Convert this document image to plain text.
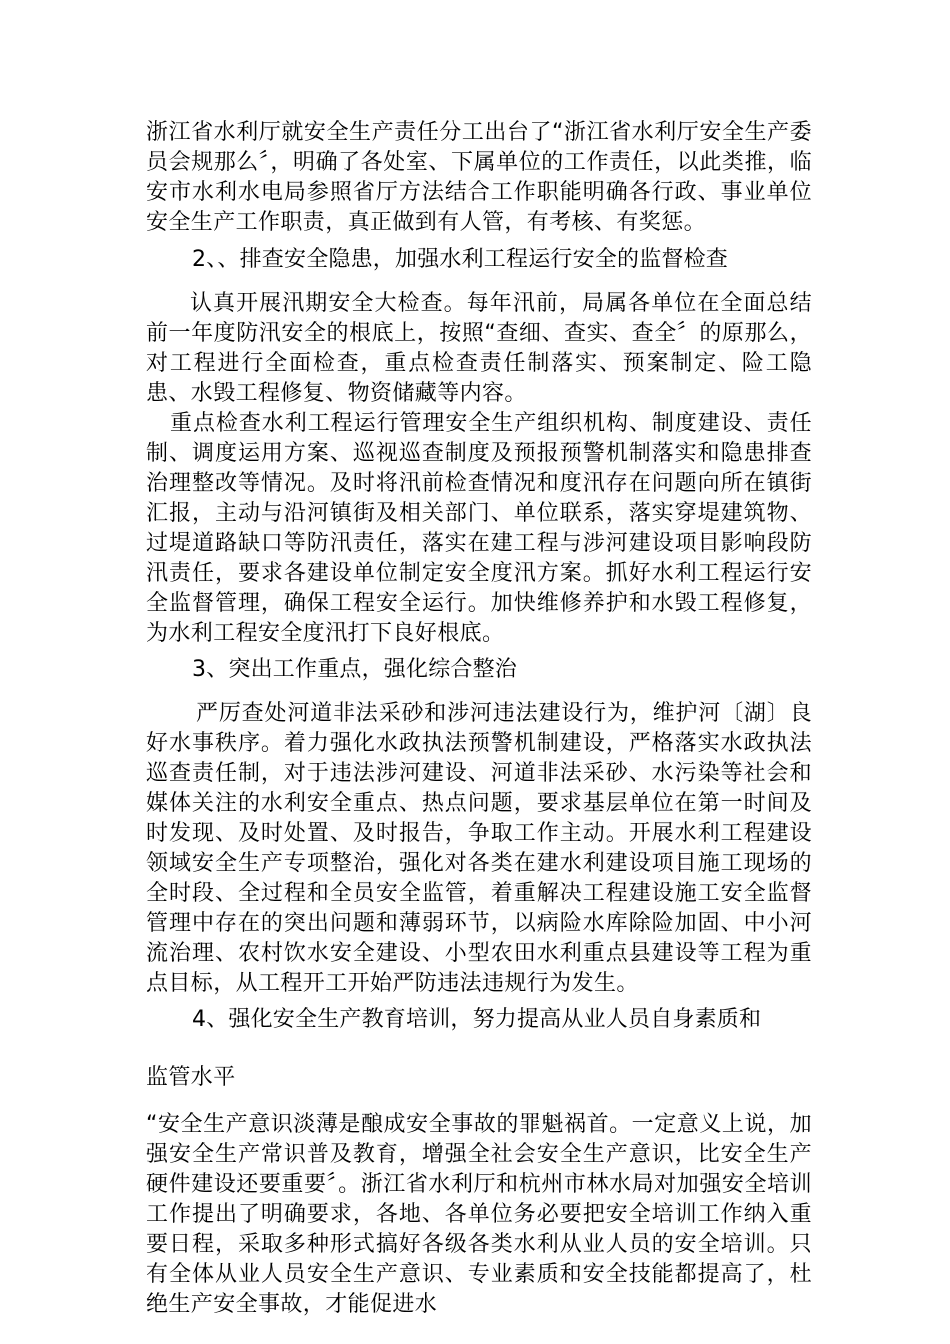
浙江省水利厅就安全生产责任分工出台了“浙江省水利厅安全生产委员会规那么〞，明确了各处室、下属单位的工作责任，以此类推，临安市水利水电局参照省厅方法结合工作职能明确各行政、事业单位安全生产工作职责，真正做到有人管，有考核、有奖惩。

2、、排查安全隐患，加强水利工程运行安全的监督检查

认真开展汛期安全大检查。每年汛前，局属各单位在全面总结前一年度防汛安全的根底上，按照“查细、查实、查全〞的原那么，对工程进行全面检查，重点检查责任制落实、预案制定、险工隐患、水毁工程修复、物资储藏等内容。

重点检查水利工程运行管理安全生产组织机构、制度建设、责任制、调度运用方案、巡视巡查制度及预报预警机制落实和隐患排查治理整改等情况。及时将汛前检查情况和度汛存在问题向所在镇街汇报，主动与沿河镇街及相关部门、单位联系，落实穿堤建筑物、过堤道路缺口等防汛责任，落实在建工程与涉河建设项目影响段防汛责任，要求各建设单位制定安全度汛方案。抓好水利工程运行安全监督管理，确保工程安全运行。加快维修养护和水毁工程修复，为水利工程安全度汛打下良好根底。

3、突出工作重点，强化综合整治

严厉查处河道非法采砂和涉河违法建设行为，维护河〔湖〕良好水事秩序。着力强化水政执法预警机制建设，严格落实水政执法巡查责任制，对于违法涉河建设、河道非法采砂、水污染等社会和媒体关注的水利安全重点、热点问题，要求基层单位在第一时间及时发现、及时处置、及时报告，争取工作主动。开展水利工程建设领域安全生产专项整治，强化对各类在建水利建设项目施工现场的全时段、全过程和全员安全监管，着重解决工程建设施工安全监督管理中存在的突出问题和薄弱环节，以病险水库除险加固、中小河流治理、农村饮水安全建设、小型农田水利重点县建设等工程为重点目标，从工程开工开始严防违法违规行为发生。

4、强化安全生产教育培训，努力提高从业人员自身素质和

监管水平

“安全生产意识淡薄是酿成安全事故的罪魁祸首。一定意义上说，加强安全生产常识普及教育，增强全社会安全生产意识，比安全生产硬件建设还要重要〞。浙江省水利厅和杭州市林水局对加强安全培训工作提出了明确要求，各地、各单位务必要把安全培训工作纳入重要日程，采取多种形式搞好各级各类水利从业人员的安全培训。只有全体从业人员安全生产意识、专业素质和安全技能都提高了，杜绝生产安全事故，才能促进水
